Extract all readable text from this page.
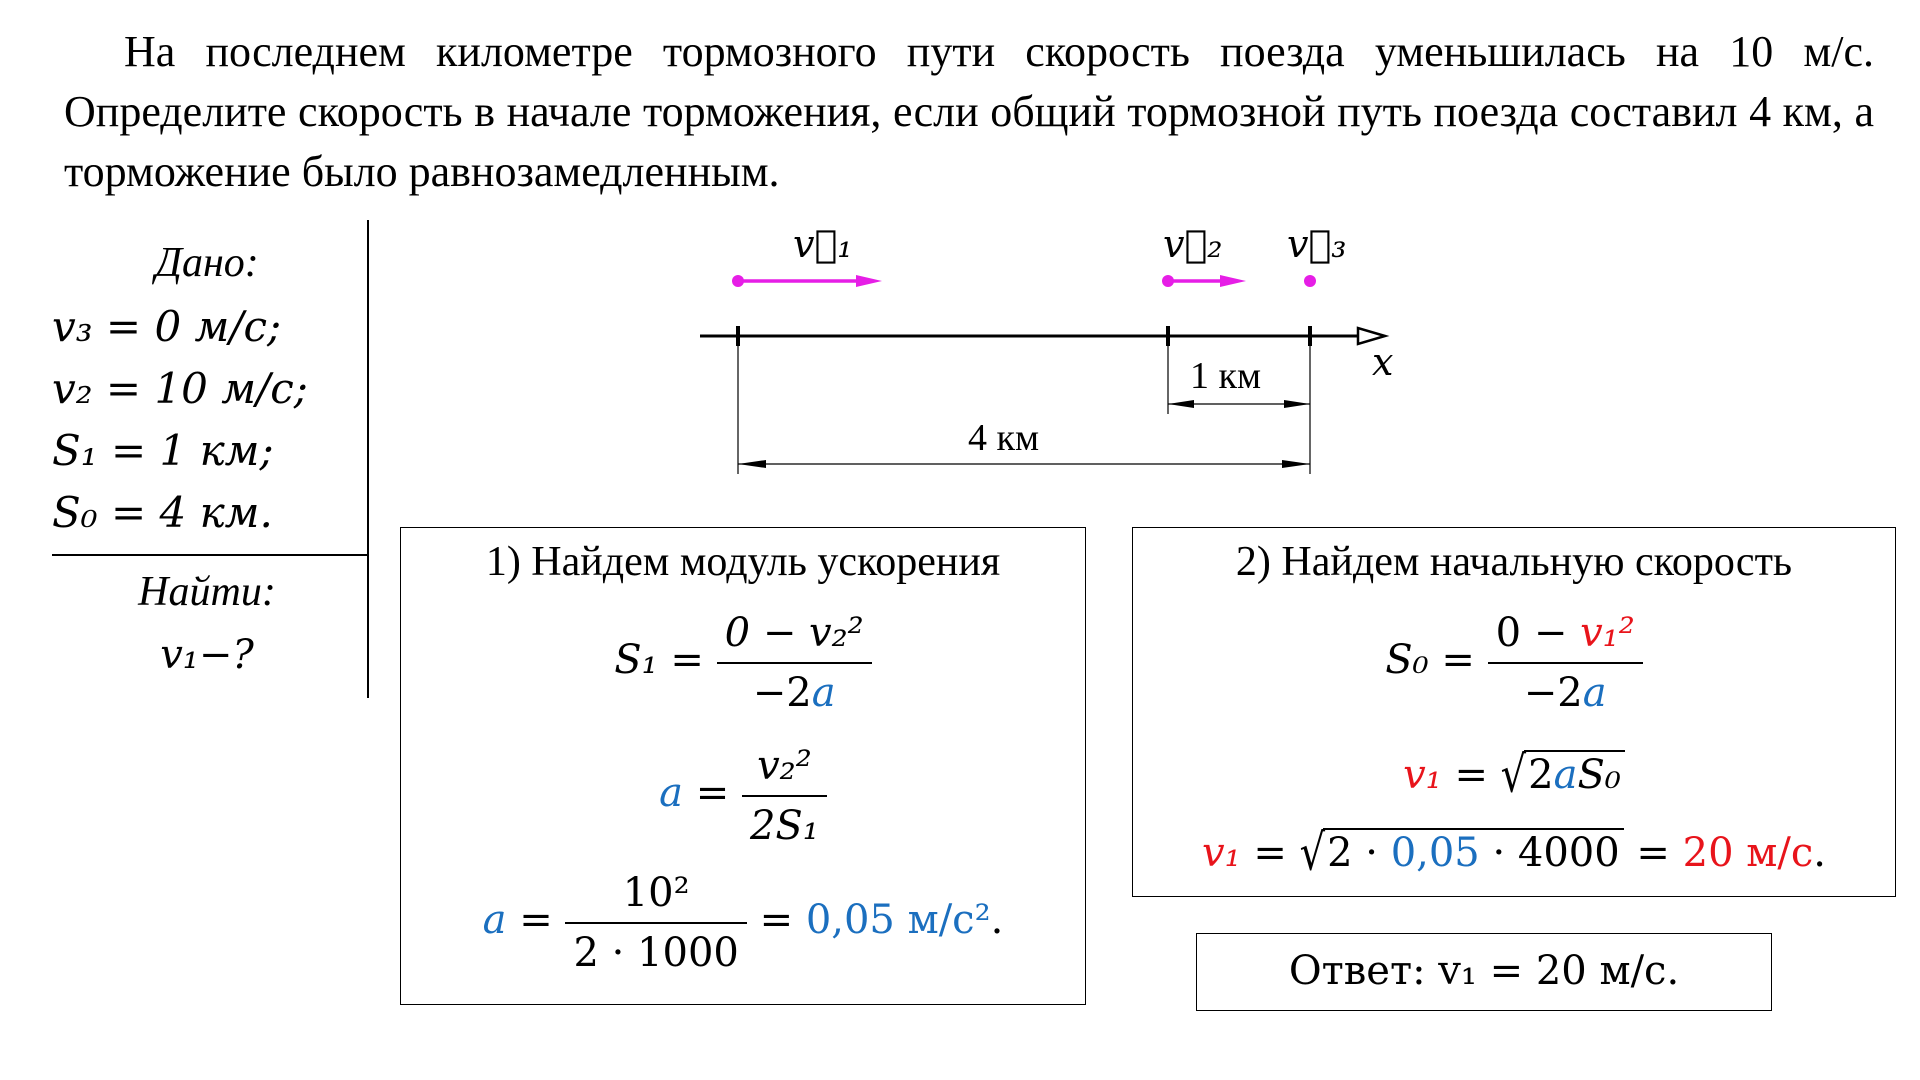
На последнем километре тормозного пути скорость поезда уменьшилась на 10 м/с. Определите скорость в начале торможения, если общий тормозной путь поезда составил 4 км, а торможение было равнозамедленным.
Дано:
v₃ = 0 м/с;
v₂ = 10 м/с;
S₁ = 1 км;
S₀ = 4 км.
Найти:
v₁−?
v⃗₁	v⃗₂ v⃗₃
x
1 км
4 км
1) Найдем модуль ускорения
$S_1 = \frac{\text{0 − v₂²}}{-2a}$
$a = \frac{\text{v₂²}}{\text{2S₁}}$
$a = \frac{\text{10²}}{2 \cdot 1000} = 0,05$ м/с².
2) Найдем начальную скорость
$S_0 = \frac{\text{0 − v₁²}}{-2a}$
v₁ = √2aS₀
v₁ = √2 · 0,05 · 4000 = 20 м/с.
Ответ: v₁ = 20 м/с.
